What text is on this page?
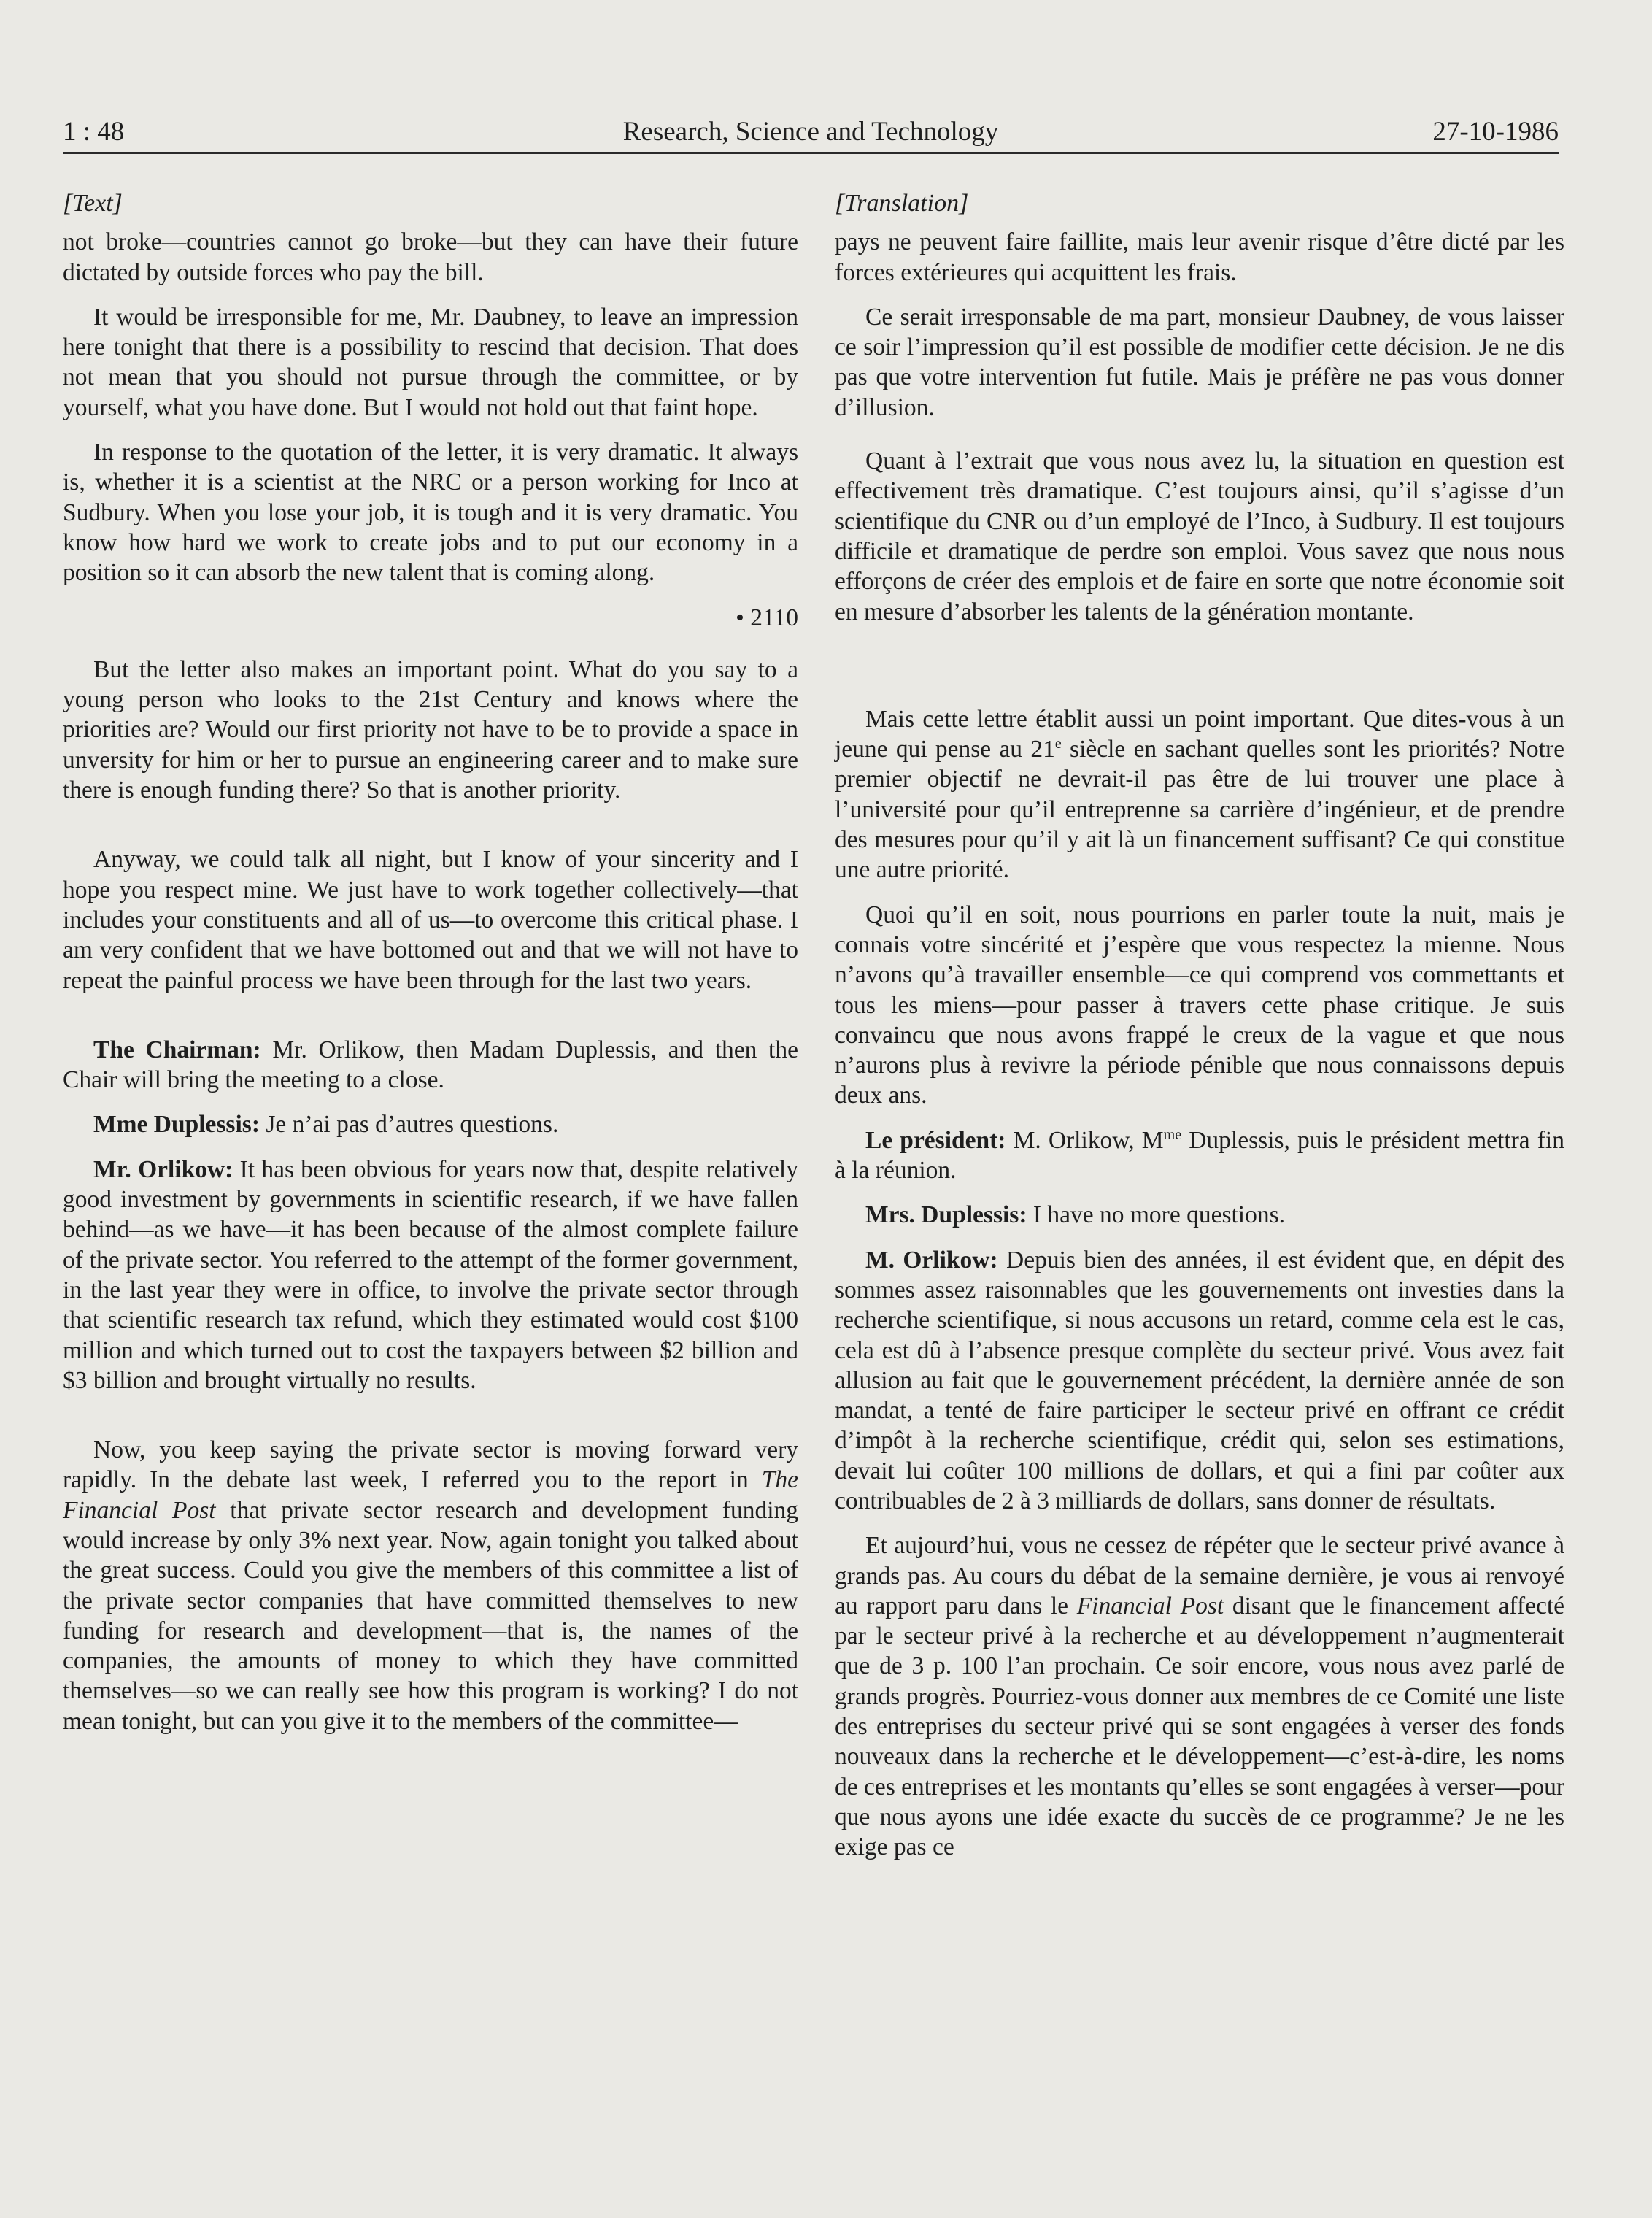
1 : 48	Research, Science and Technology	27-10-1986
[Text]

not broke—countries cannot go broke—but they can have their future dictated by outside forces who pay the bill.

It would be irresponsible for me, Mr. Daubney, to leave an impression here tonight that there is a possibility to rescind that decision. That does not mean that you should not pursue through the committee, or by yourself, what you have done. But I would not hold out that faint hope.

In response to the quotation of the letter, it is very dramatic. It always is, whether it is a scientist at the NRC or a person working for Inco at Sudbury. When you lose your job, it is tough and it is very dramatic. You know how hard we work to create jobs and to put our economy in a position so it can absorb the new talent that is coming along.

• 2110

But the letter also makes an important point. What do you say to a young person who looks to the 21st Century and knows where the priorities are? Would our first priority not have to be to provide a space in unversity for him or her to pursue an engineering career and to make sure there is enough funding there? So that is another priority.

Anyway, we could talk all night, but I know of your sincerity and I hope you respect mine. We just have to work together collectively—that includes your constituents and all of us—to overcome this critical phase. I am very confident that we have bottomed out and that we will not have to repeat the painful process we have been through for the last two years.

The Chairman: Mr. Orlikow, then Madam Duplessis, and then the Chair will bring the meeting to a close.

Mme Duplessis: Je n’ai pas d’autres questions.

Mr. Orlikow: It has been obvious for years now that, despite relatively good investment by governments in scientific research, if we have fallen behind—as we have—it has been because of the almost complete failure of the private sector. You referred to the attempt of the former government, in the last year they were in office, to involve the private sector through that scientific research tax refund, which they estimated would cost $100 million and which turned out to cost the taxpayers between $2 billion and $3 billion and brought virtually no results.

Now, you keep saying the private sector is moving forward very rapidly. In the debate last week, I referred you to the report in The Financial Post that private sector research and development funding would increase by only 3% next year. Now, again tonight you talked about the great success. Could you give the members of this committee a list of the private sector companies that have committed themselves to new funding for research and development—that is, the names of the companies, the amounts of money to which they have committed themselves—so we can really see how this program is working? I do not mean tonight, but can you give it to the members of the committee—

[Translation]

pays ne peuvent faire faillite, mais leur avenir risque d’être dicté par les forces extérieures qui acquittent les frais.

Ce serait irresponsable de ma part, monsieur Daubney, de vous laisser ce soir l’impression qu’il est possible de modifier cette décision. Je ne dis pas que votre intervention fut futile. Mais je préfère ne pas vous donner d’illusion.

Quant à l’extrait que vous nous avez lu, la situation en question est effectivement très dramatique. C’est toujours ainsi, qu’il s’agisse d’un scientifique du CNR ou d’un employé de l’Inco, à Sudbury. Il est toujours difficile et dramatique de perdre son emploi. Vous savez que nous nous efforçons de créer des emplois et de faire en sorte que notre économie soit en mesure d’absorber les talents de la génération montante.

Mais cette lettre établit aussi un point important. Que dites-vous à un jeune qui pense au 21e siècle en sachant quelles sont les priorités? Notre premier objectif ne devrait-il pas être de lui trouver une place à l’université pour qu’il entreprenne sa carrière d’ingénieur, et de prendre des mesures pour qu’il y ait là un financement suffisant? Ce qui constitue une autre priorité.

Quoi qu’il en soit, nous pourrions en parler toute la nuit, mais je connais votre sincérité et j’espère que vous respectez la mienne. Nous n’avons qu’à travailler ensemble—ce qui comprend vos commettants et tous les miens—pour passer à travers cette phase critique. Je suis convaincu que nous avons frappé le creux de la vague et que nous n’aurons plus à revivre la période pénible que nous connaissons depuis deux ans.

Le président: M. Orlikow, $M^{me}$ Duplessis, puis le président mettra fin à la réunion.

Mrs. Duplessis: I have no more questions.

M. Orlikow: Depuis bien des années, il est évident que, en dépit des sommes assez raisonnables que les gouvernements ont investies dans la recherche scientifique, si nous accusons un retard, comme cela est le cas, cela est dû à l’absence presque complète du secteur privé. Vous avez fait allusion au fait que le gouvernement précédent, la dernière année de son mandat, a tenté de faire participer le secteur privé en offrant ce crédit d’impôt à la recherche scientifique, crédit qui, selon ses estimations, devait lui coûter 100 millions de dollars, et qui a fini par coûter aux contribuables de 2 à 3 milliards de dollars, sans donner de résultats.

Et aujourd’hui, vous ne cessez de répéter que le secteur privé avance à grands pas. Au cours du débat de la semaine dernière, je vous ai renvoyé au rapport paru dans le Financial Post disant que le financement affecté par le secteur privé à la recherche et au développement n’augmenterait que de 3 p. 100 l’an prochain. Ce soir encore, vous nous avez parlé de grands progrès. Pourriez-vous donner aux membres de ce Comité une liste des entreprises du secteur privé qui se sont engagées à verser des fonds nouveaux dans la recherche et le développement—c’est-à-dire, les noms de ces entreprises et les montants qu’elles se sont engagées à verser—pour que nous ayons une idée exacte du succès de ce programme? Je ne les exige pas ce
